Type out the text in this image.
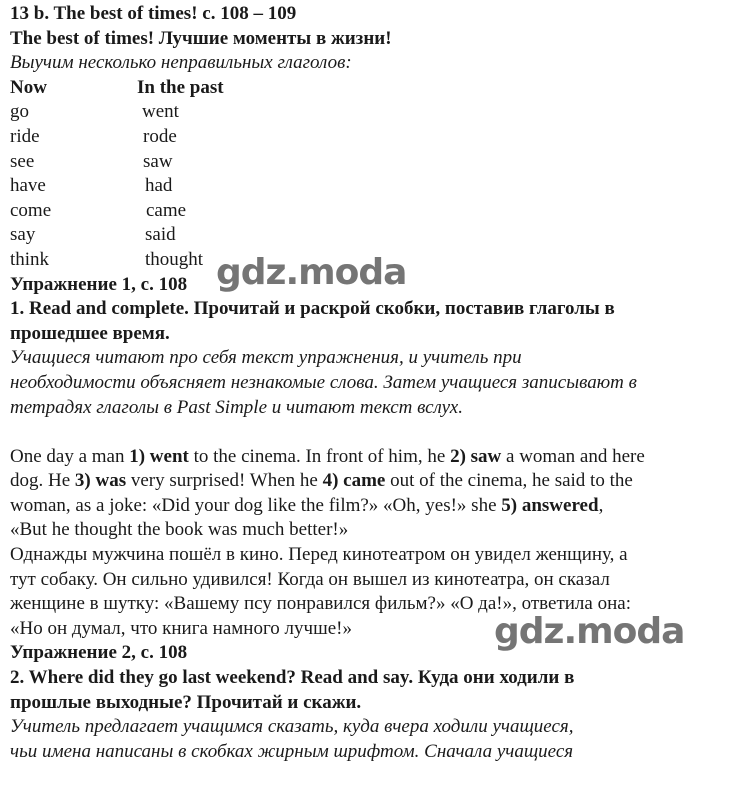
13 b. The best of times! с. 108 – 109
The best of times! Лучшие моменты в жизни!
Выучим несколько неправильных глаголов:
Now	In the past
go	went
ride	rode
see	saw
have	had
come	came
say	said
think	thought
Упражнение 1, с. 108
1. Read and complete. Прочитай и раскрой скобки, поставив глаголы в
прошедшее время.
Учащиеся читают про себя текст упражнения, и учитель при
необходимости объясняет незнакомые слова. Затем учащиеся записывают в
тетрадях глаголы в Past Simple и читают текст вслух.
One day a man 1) went to the cinema. In front of him, he 2) saw a woman and here
dog. He 3) was very surprised! When he 4) came out of the cinema, he said to the
woman, as a joke: «Did your dog like the film?» «Oh, yes!» she 5) answered,
«But he thought the book was much better!»
Однажды мужчина пошёл в кино. Перед кинотеатром он увидел женщину, а
тут собаку. Он сильно удивился! Когда он вышел из кинотеатра, он сказал
женщине в шутку: «Вашему псу понравился фильм?» «О да!», ответила она:
«Но он думал, что книга намного лучше!»
Упражнение 2, с. 108
2. Where did they go last weekend? Read and say. Куда они ходили в
прошлые выходные? Прочитай и скажи.
Учитель предлагает учащимся сказать, куда вчера ходили учащиеся,
чьи имена написаны в скобках жирным шрифтом. Сначала учащиеся
gdz.moda
gdz.moda
